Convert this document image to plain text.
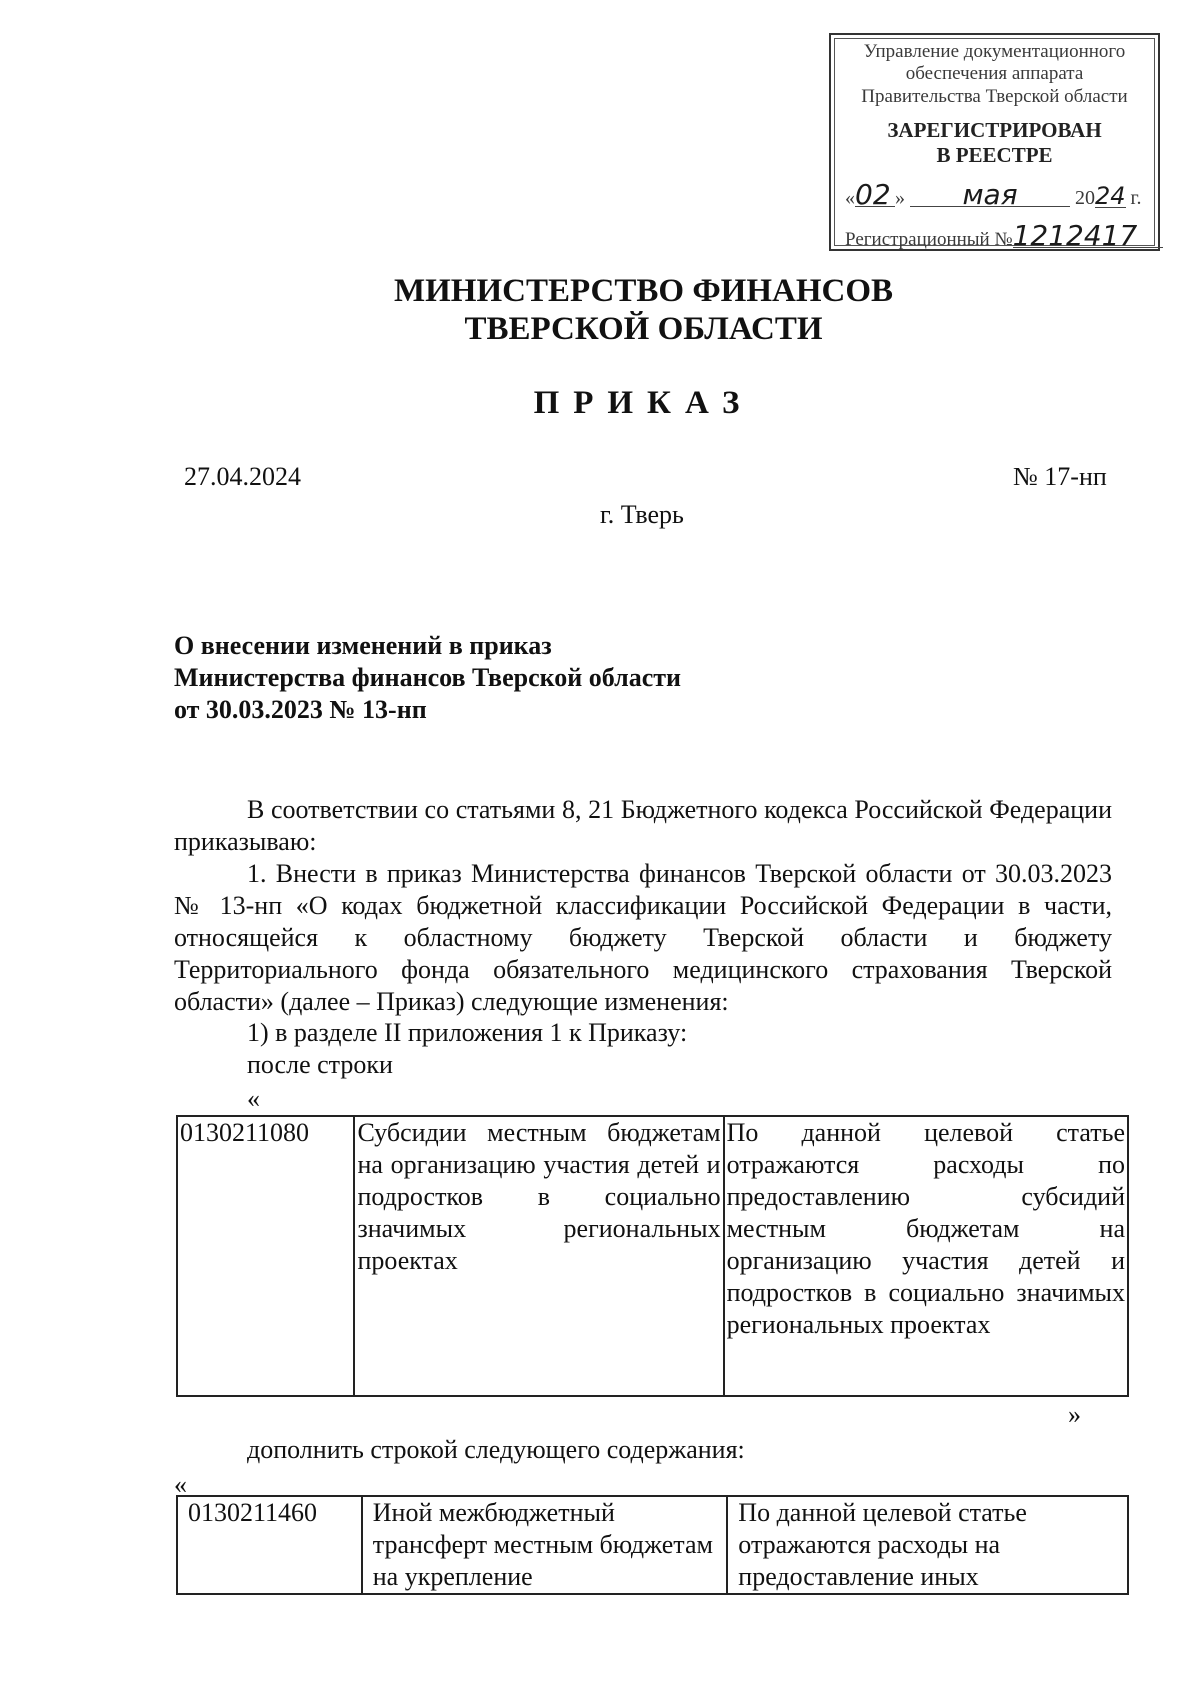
Управление документационного
обеспечения аппарата
Правительства Тверской области
ЗАРЕГИСТРИРОВАН
В РЕЕСТРЕ
«02 » мая	2024 г.
Регистрационный №1212417
МИНИСТЕРСТВО ФИНАНСОВ
ТВЕРСКОЙ ОБЛАСТИ
ПРИКАЗ
27.04.2024	№ 17-нп
г. Тверь
О внесении изменений в приказ
Министерства финансов Тверской области
от 30.03.2023 № 13-нп
В соответствии со статьями 8, 21 Бюджетного кодекса Российской Федерации приказываю:
1. Внести в приказ Министерства финансов Тверской области от 30.03.2023 № 13-нп «О кодах бюджетной классификации Российской Федерации в части, относящейся к областному бюджету Тверской области и бюджету Территориального фонда обязательного медицинского страхования Тверской области» (далее – Приказ) следующие изменения:
1) в разделе II приложения 1 к Приказу:
после строки
«
0130211080	Субсидии местным бюджетам на организацию участия детей и подростков в социально значимых региональных проектах	По данной целевой статье отражаются расходы по предоставлению субсидий местным бюджетам на организацию участия детей и подростков в социально значимых региональных проектах
»
дополнить строкой следующего содержания:
«
0130211460	Иной межбюджетный трансферт местным бюджетам на укрепление	По данной целевой статье отражаются расходы на предоставление иных
